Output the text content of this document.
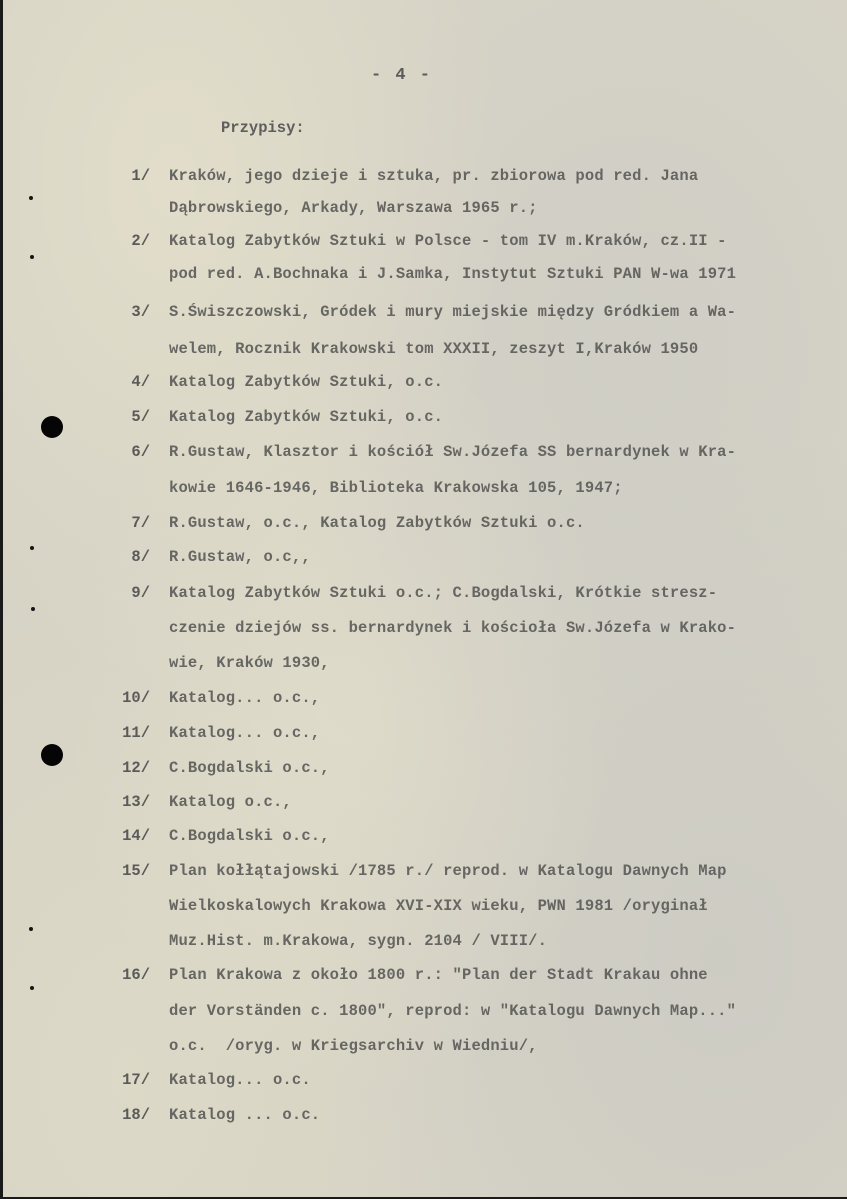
- 4 -
Przypisy:
1/ Kraków, jego dzieje i sztuka, pr. zbiorowa pod red. Jana
Dąbrowskiego, Arkady, Warszawa 1965 r.;
2/ Katalog Zabytków Sztuki w Polsce - tom IV m.Kraków, cz.II -
pod red. A.Bochnaka i J.Samka, Instytut Sztuki PAN W-wa 1971
3/ S.Świszczowski, Gródek i mury miejskie między Gródkiem a Wa-
welem, Rocznik Krakowski tom XXXII, zeszyt I,Kraków 1950
4/ Katalog Zabytków Sztuki, o.c.
5/ Katalog Zabytków Sztuki, o.c.
6/ R.Gustaw, Klasztor i kościół Sw.Józefa SS bernardynek w Kra-
kowie 1646-1946, Biblioteka Krakowska 105, 1947;
7/ R.Gustaw, o.c., Katalog Zabytków Sztuki o.c.
8/ R.Gustaw, o.c,,
9/ Katalog Zabytków Sztuki o.c.; C.Bogdalski, Krótkie stresz-
czenie dziejów ss. bernardynek i kościoła Sw.Józefa w Krako-
wie, Kraków 1930,
10/ Katalog... o.c.,
11/ Katalog... o.c.,
12/ C.Bogdalski o.c.,
13/ Katalog o.c.,
14/ C.Bogdalski o.c.,
15/ Plan kołłątajowski /1785 r./ reprod. w Katalogu Dawnych Map
Wielkoskalowych Krakowa XVI-XIX wieku, PWN 1981 /oryginał
Muz.Hist. m.Krakowa, sygn. 2104 / VIII/.
16/ Plan Krakowa z około 1800 r.: "Plan der Stadt Krakau ohne
der Vorständen c. 1800", reprod: w "Katalogu Dawnych Map..."
o.c.  /oryg. w Kriegsarchiv w Wiedniu/,
17/ Katalog... o.c.
18/ Katalog ... o.c.
